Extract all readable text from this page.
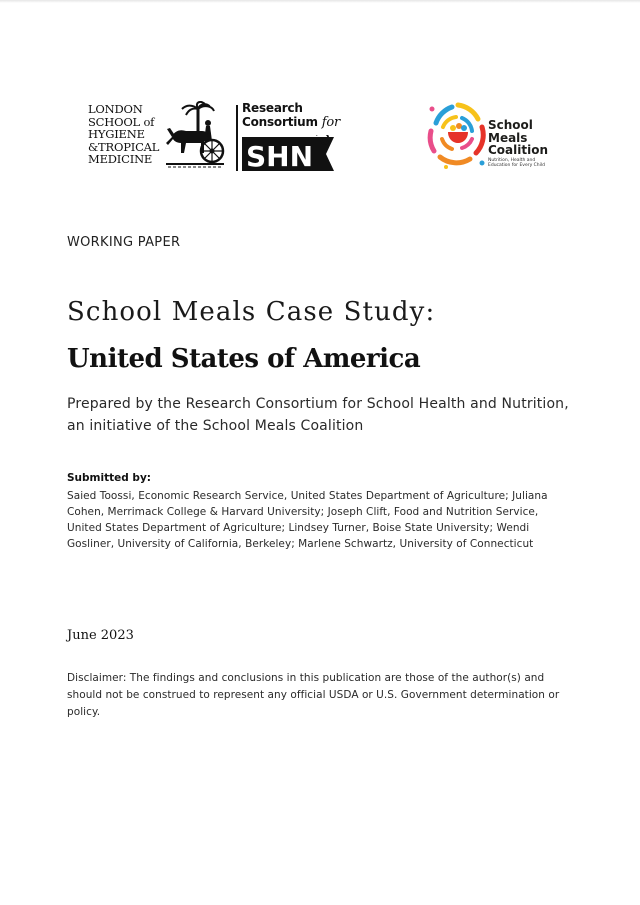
LONDON
SCHOOL of
HYGIENE
&TROPICAL
MEDICINE
Research
Consortium for
SHN
School
Meals
Coalition
Nutrition, Health and
Education for Every Child
WORKING PAPER
School Meals Case Study:
United States of America
Prepared by the Research Consortium for School Health and Nutrition, an initiative of the School Meals Coalition
Submitted by:
Saied Toossi, Economic Research Service, United States Department of Agriculture; Juliana Cohen, Merrimack College & Harvard University; Joseph Clift, Food and Nutrition Service, United States Department of Agriculture; Lindsey Turner, Boise State University; Wendi Gosliner, University of California, Berkeley; Marlene Schwartz, University of Connecticut
June 2023
Disclaimer: The findings and conclusions in this publication are those of the author(s) and should not be construed to represent any official USDA or U.S. Government determination or policy.
